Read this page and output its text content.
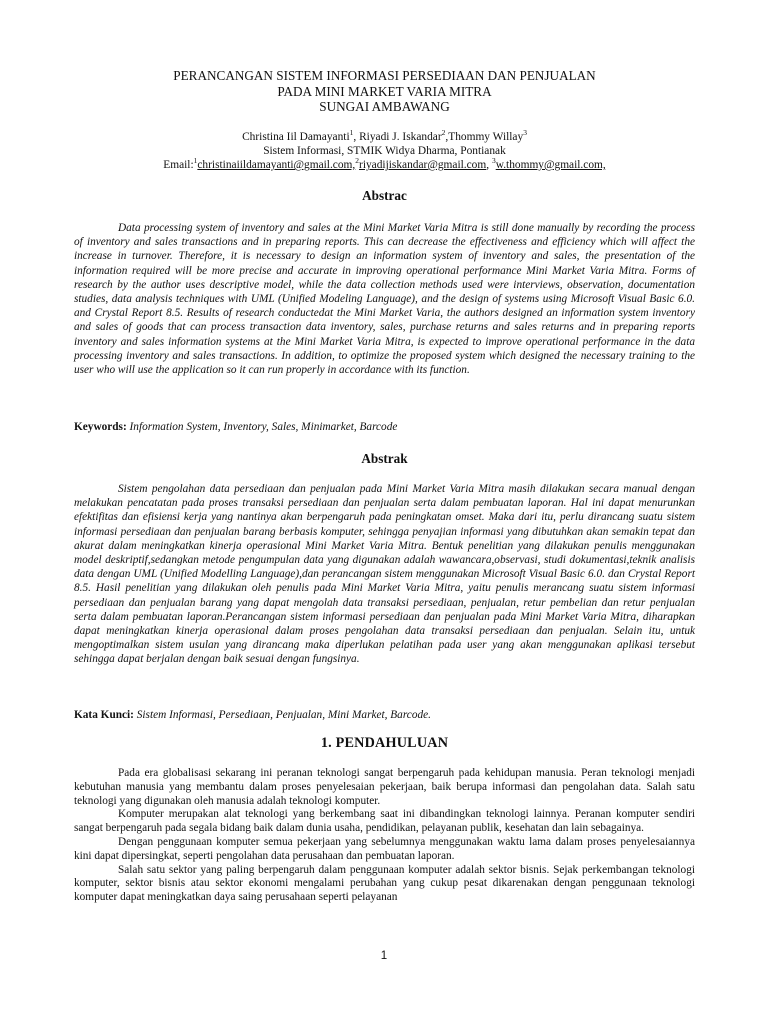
PERANCANGAN SISTEM INFORMASI PERSEDIAAN DAN PENJUALAN
PADA MINI MARKET VARIA MITRA
SUNGAI AMBAWANG
Christina Iil Damayanti$^1$, Riyadi J. Iskandar$^2$,Thommy Willay$^3$
Sistem Informasi, STMIK Widya Dharma, Pontianak
Email:$^1$christinaiildamayanti@gmail.com,$^2$riyadijiskandar@gmail.com, $^3$w.thommy@gmail.com,
Abstrac

Data processing system of inventory and sales at the Mini Market Varia Mitra is still done manually by recording the process of inventory and sales transactions and in preparing reports. This can decrease the effectiveness and efficiency which will affect the increase in turnover. Therefore, it is necessary to design an information system of inventory and sales, the presentation of the information required will be more precise and accurate in improving operational performance Mini Market Varia Mitra. Forms of research by the author uses descriptive model, while the data collection methods used were interviews, observation, documentation studies, data analysis techniques with UML (Unified Modeling Language), and the design of systems using Microsoft Visual Basic 6.0. and Crystal Report 8.5. Results of research conductedat the Mini Market Varia, the authors designed an information system inventory and sales of goods that can process transaction data inventory, sales, purchase returns and sales returns and in preparing reports inventory and sales information systems at the Mini Market Varia Mitra, is expected to improve operational performance in the data processing inventory and sales transactions. In addition, to optimize the proposed system which designed the necessary training to the user who will use the application so it can run properly in accordance with its function.

Keywords: Information System, Inventory, Sales, Minimarket, Barcode
Abstrak

Sistem pengolahan data persediaan dan penjualan pada Mini Market Varia Mitra masih dilakukan secara manual dengan melakukan pencatatan pada proses transaksi persediaan dan penjualan serta dalam pembuatan laporan. Hal ini dapat menurunkan efektifitas dan efisiensi kerja yang nantinya akan berpengaruh pada peningkatan omset. Maka dari itu, perlu dirancang suatu sistem informasi persediaan dan penjualan barang berbasis komputer, sehingga penyajian informasi yang dibutuhkan akan semakin tepat dan akurat dalam meningkatkan kinerja operasional Mini Market Varia Mitra. Bentuk penelitian yang dilakukan penulis menggunakan model deskriptif,sedangkan metode pengumpulan data yang digunakan adalah wawancara,observasi, studi dokumentasi,teknik analisis data dengan UML (Unified Modelling Language),dan perancangan sistem menggunakan Microsoft Visual Basic 6.0. dan Crystal Report 8.5. Hasil penelitian yang dilakukan oleh penulis pada Mini Market Varia Mitra, yaitu penulis merancang suatu sistem informasi persediaan dan penjualan barang yang dapat mengolah data transaksi persediaan, penjualan, retur pembelian dan retur penjualan serta dalam pembuatan laporan.Perancangan sistem informasi persediaan dan penjualan pada Mini Market Varia Mitra, diharapkan dapat meningkatkan kinerja operasional dalam proses pengolahan data transaksi persediaan dan penjualan. Selain itu, untuk mengoptimalkan sistem usulan yang dirancang maka diperlukan pelatihan pada user yang akan menggunakan aplikasi tersebut sehingga dapat berjalan dengan baik sesuai dengan fungsinya.

Kata Kunci: Sistem Informasi, Persediaan, Penjualan, Mini Market, Barcode.
1. PENDAHULUAN

Pada era globalisasi sekarang ini peranan teknologi sangat berpengaruh pada kehidupan manusia. Peran teknologi menjadi kebutuhan manusia yang membantu dalam proses penyelesaian pekerjaan, baik berupa informasi dan pengolahan data. Salah satu teknologi yang digunakan oleh manusia adalah teknologi komputer.

Komputer merupakan alat teknologi yang berkembang saat ini dibandingkan teknologi lainnya. Peranan komputer sendiri sangat berpengaruh pada segala bidang baik dalam dunia usaha, pendidikan, pelayanan publik, kesehatan dan lain sebagainya.

Dengan penggunaan komputer semua pekerjaan yang sebelumnya menggunakan waktu lama dalam proses penyelesaiannya kini dapat dipersingkat, seperti pengolahan data perusahaan dan pembuatan laporan.

Salah satu sektor yang paling berpengaruh dalam penggunaan komputer adalah sektor bisnis. Sejak perkembangan teknologi komputer, sektor bisnis atau sektor ekonomi mengalami perubahan yang cukup pesat dikarenakan dengan penggunaan teknologi komputer dapat meningkatkan daya saing perusahaan seperti pelayanan

1
